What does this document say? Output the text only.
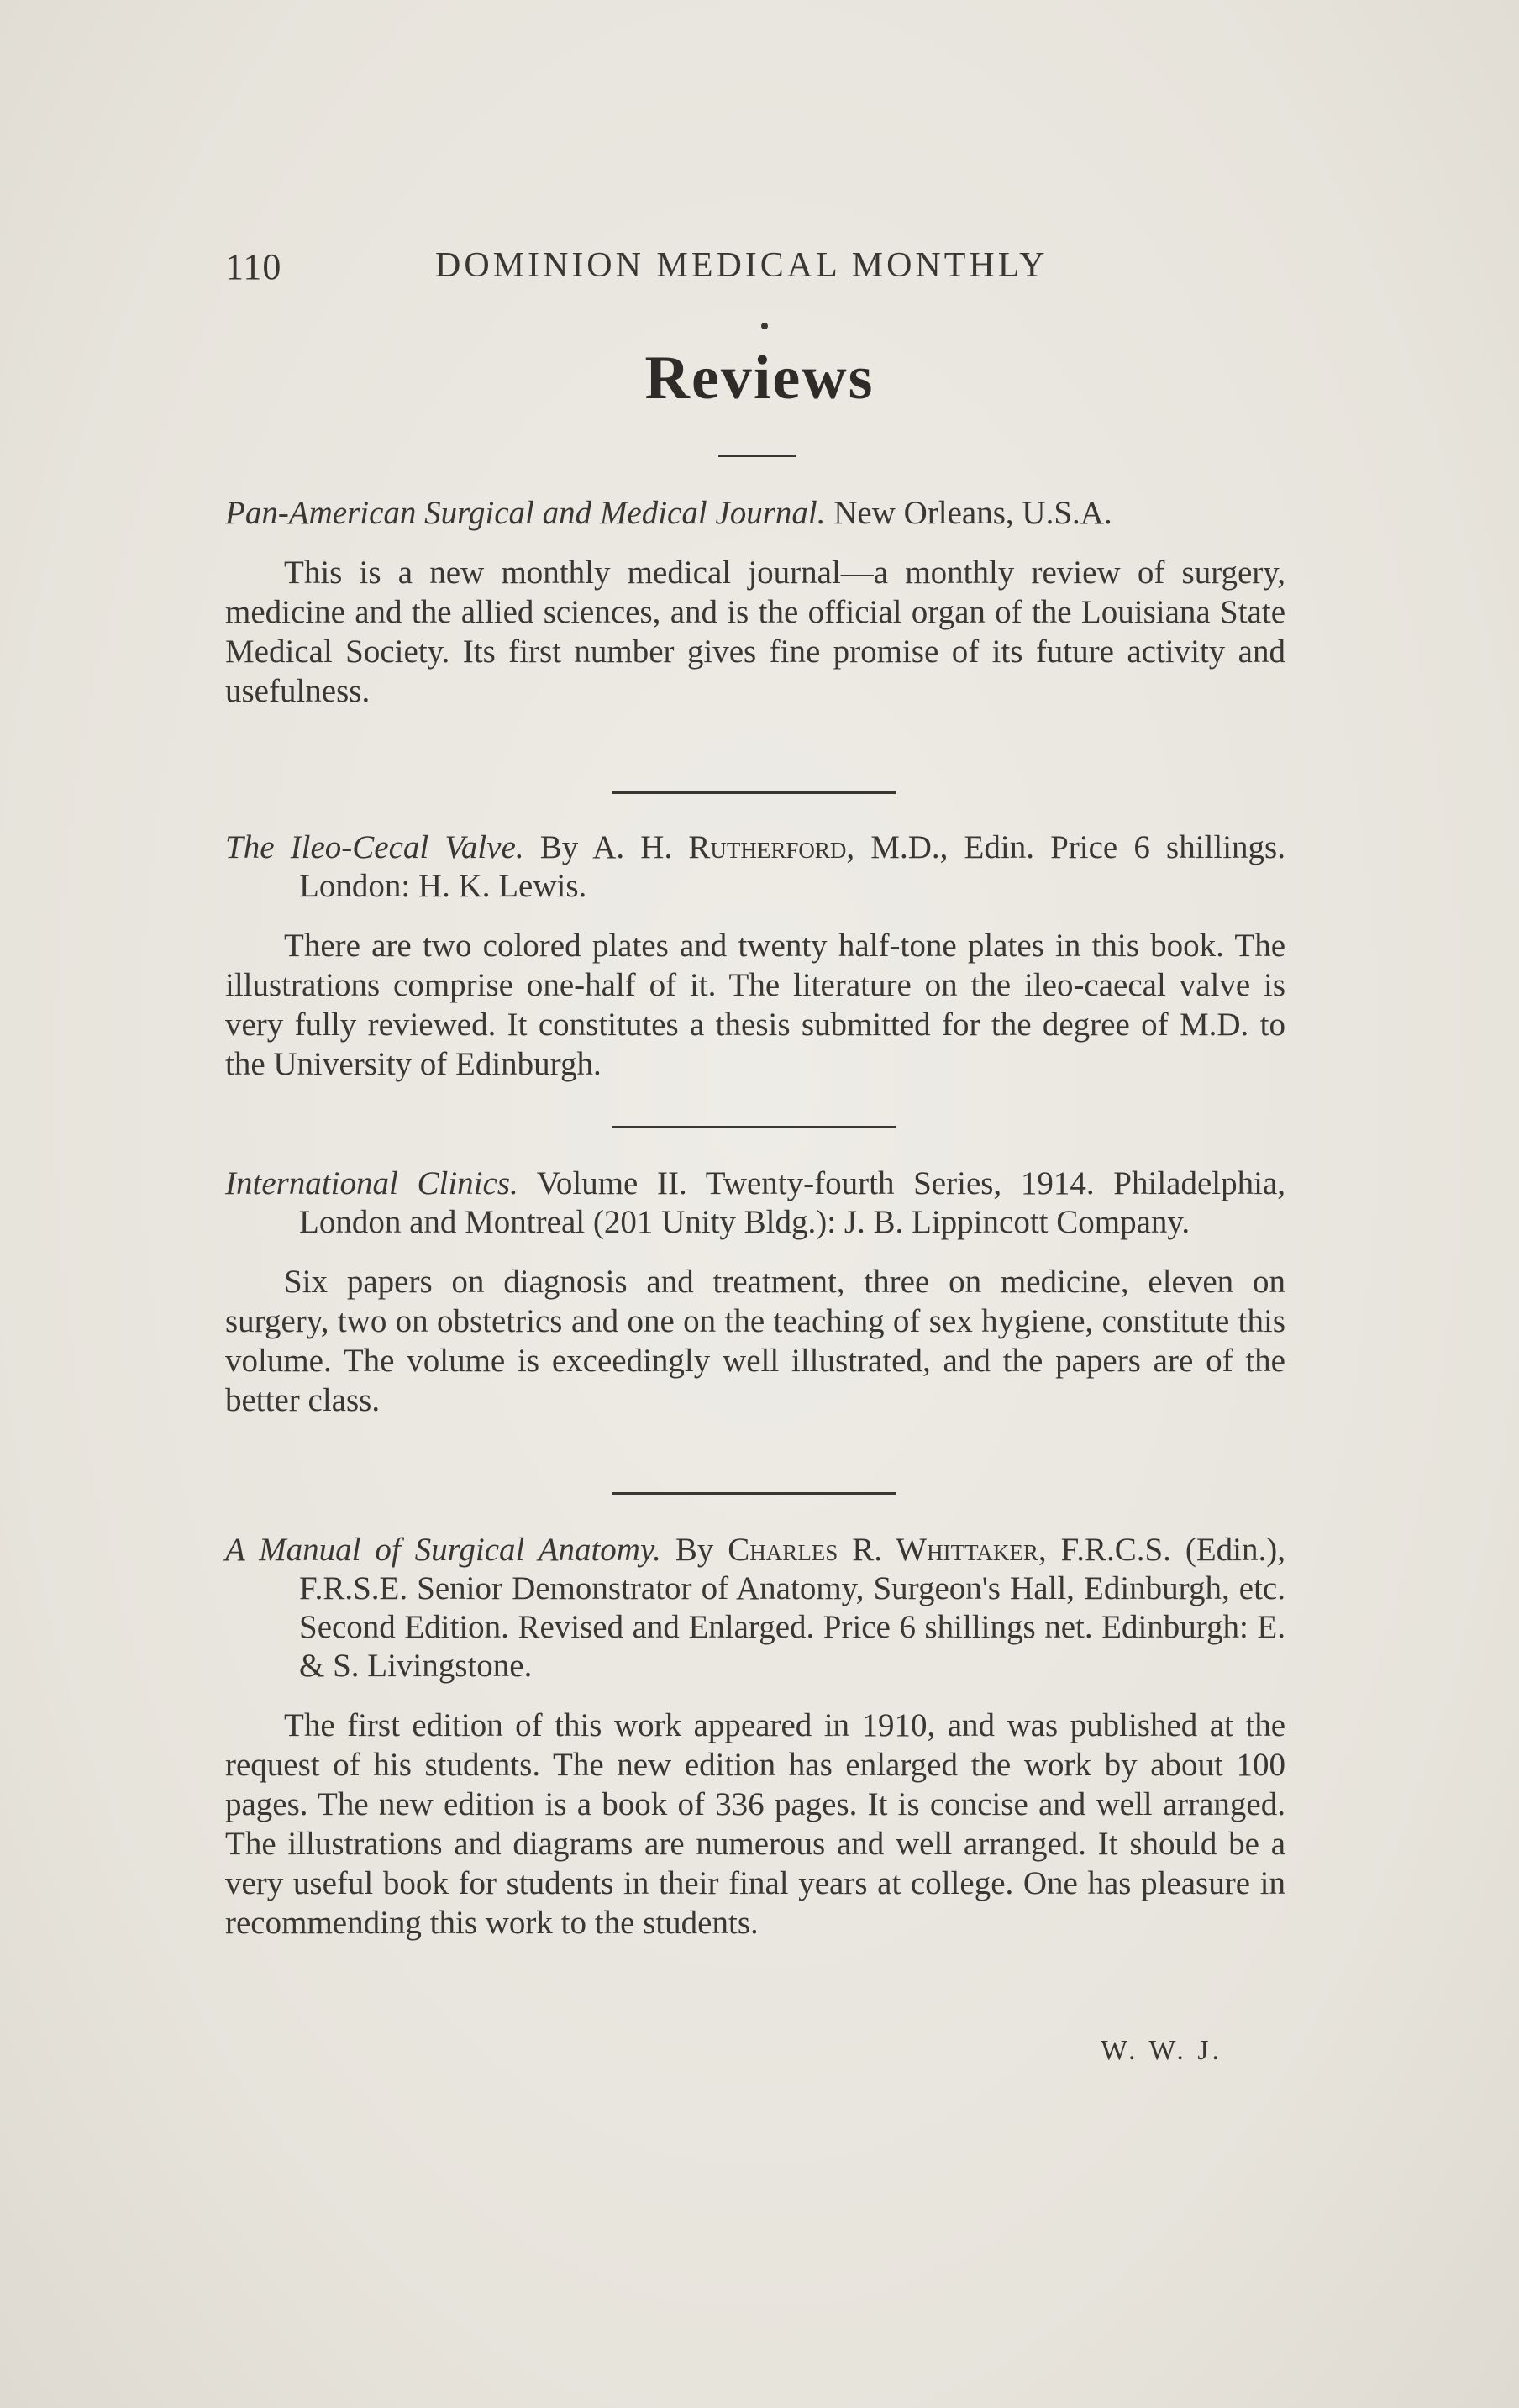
110	DOMINION MEDICAL MONTHLY
Reviews

Pan-American Surgical and Medical Journal. New Orleans, U.S.A.

This is a new monthly medical journal—a monthly review of surgery, medicine and the allied sciences, and is the official organ of the Louisiana State Medical Society. Its first number gives fine promise of its future activity and usefulness.

The Ileo-Cecal Valve. By A. H. Rutherford, M.D., Edin. Price 6 shillings. London: H. K. Lewis.

There are two colored plates and twenty half-tone plates in this book. The illustrations comprise one-half of it. The literature on the ileo-caecal valve is very fully reviewed. It constitutes a thesis submitted for the degree of M.D. to the University of Edinburgh.

International Clinics. Volume II. Twenty-fourth Series, 1914. Philadelphia, London and Montreal (201 Unity Bldg.): J. B. Lippincott Company.

Six papers on diagnosis and treatment, three on medicine, eleven on surgery, two on obstetrics and one on the teaching of sex hygiene, constitute this volume. The volume is exceedingly well illustrated, and the papers are of the better class.

A Manual of Surgical Anatomy. By Charles R. Whittaker, F.R.C.S. (Edin.), F.R.S.E. Senior Demonstrator of Anatomy, Surgeon's Hall, Edinburgh, etc. Second Edition. Revised and Enlarged. Price 6 shillings net. Edinburgh: E. & S. Livingstone.

The first edition of this work appeared in 1910, and was published at the request of his students. The new edition has enlarged the work by about 100 pages. The new edition is a book of 336 pages. It is concise and well arranged. The illustrations and diagrams are numerous and well arranged. It should be a very useful book for students in their final years at college. One has pleasure in recommending this work to the students.

W. W. J.
